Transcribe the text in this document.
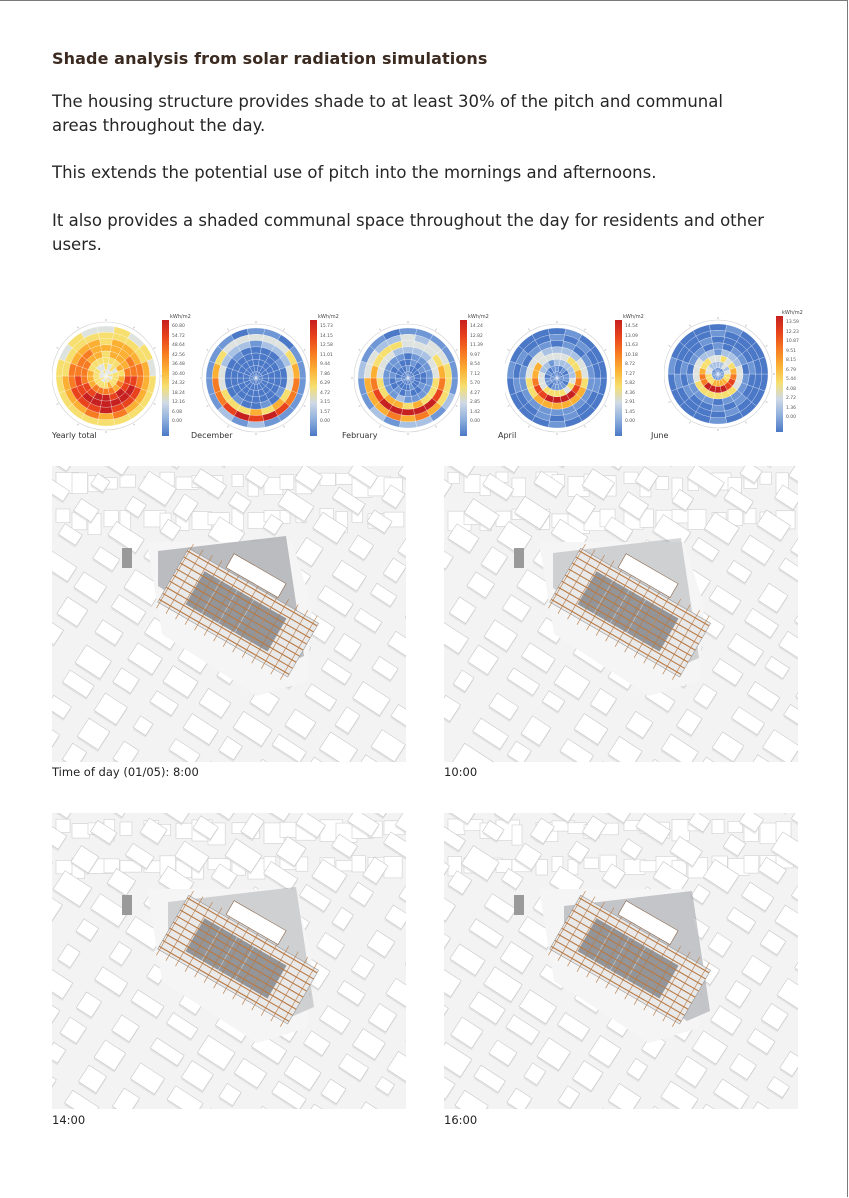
Shade analysis from solar radiation simulations
The housing structure provides shade to at least 30% of the pitch and communal areas throughout the day.
This extends the potential use of pitch into the mornings and afternoons.
It also provides a shaded communal space throughout the day for residents and other users.
kWh/m2
60.80
54.72
48.64
42.56
36.48
30.40
24.32
18.24
12.16
6.08
0.00
Yearly total
kWh/m2
15.73
14.15
12.58
11.01
9.44
7.86
6.29
4.72
3.15
1.57
0.00
December
kWh/m2
14.24
12.82
11.39
9.97
8.54
7.12
5.70
4.27
2.85
1.42
0.00
February
kWh/m2
14.54
13.09
11.63
10.18
8.72
7.27
5.82
4.36
2.91
1.45
0.00
April
kWh/m2
13.59
12.23
10.87
9.51
8.15
6.79
5.44
4.08
2.72
1.36
0.00
June
Time of day (01/05): 8:00	10:00
14:00	16:00
